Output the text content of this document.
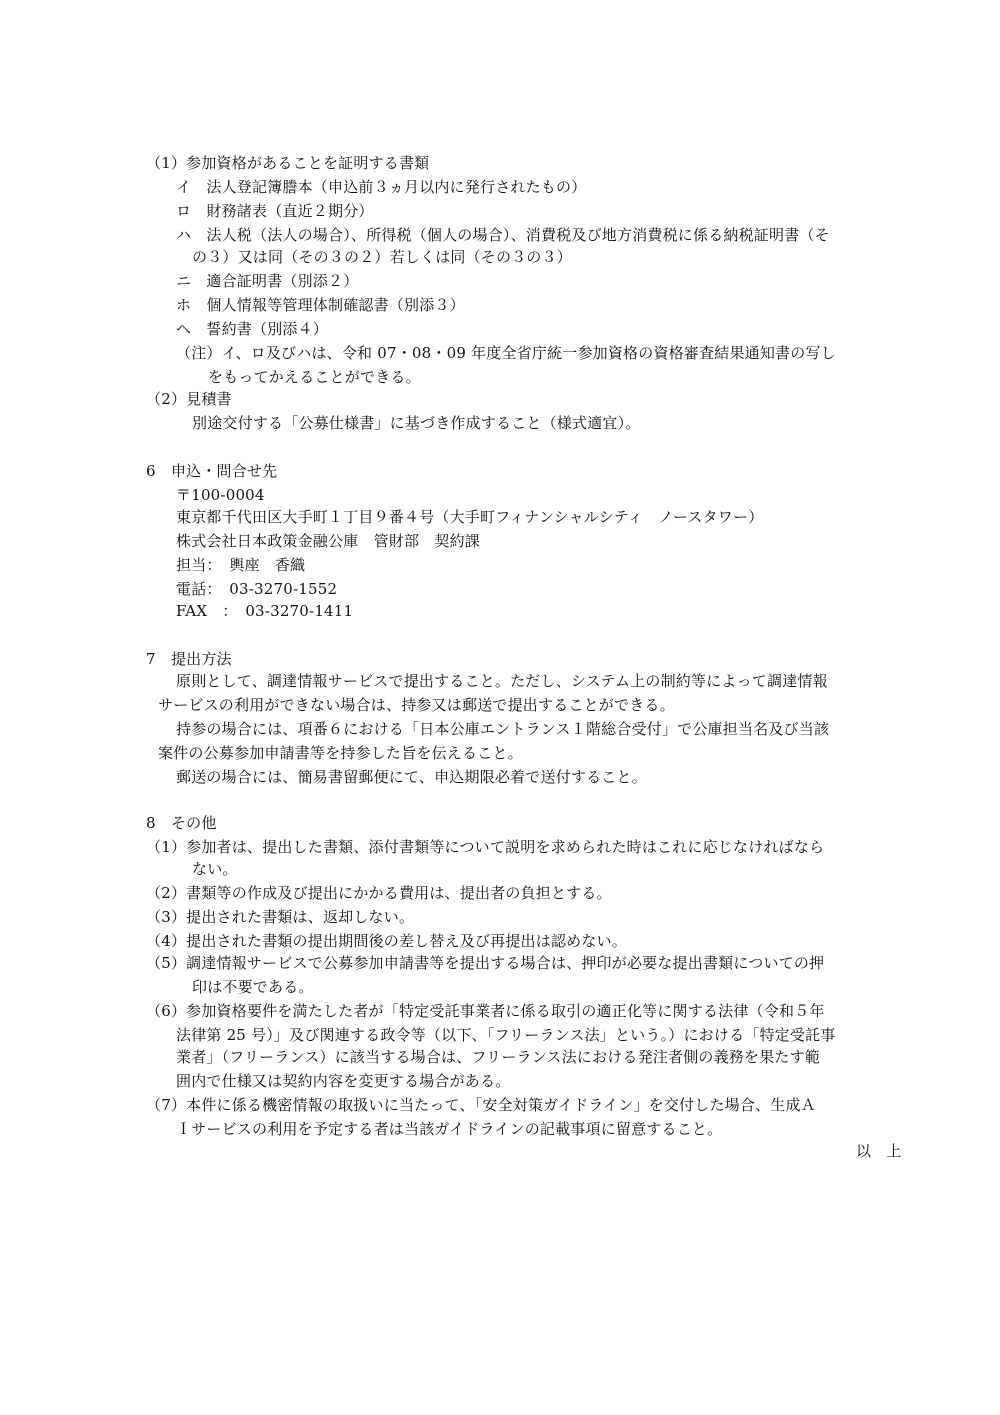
（1）参加資格があることを証明する書類
イ　法人登記簿謄本（申込前３ヵ月以内に発行されたもの）
ロ　財務諸表（直近２期分）
ハ　法人税（法人の場合）、所得税（個人の場合）、消費税及び地方消費税に係る納税証明書（そ
の３）又は同（その３の２）若しくは同（その３の３）
ニ　適合証明書（別添２）
ホ　個人情報等管理体制確認書（別添３）
へ　誓約書（別添４）
（注）イ、ロ及びハは、令和 07・08・09 年度全省庁統一参加資格の資格審査結果通知書の写し
をもってかえることができる。
（2）見積書
別途交付する「公募仕様書」に基づき作成すること（様式適宜）。
6　申込・問合せ先
〒100-0004
東京都千代田区大手町１丁目９番４号（大手町フィナンシャルシティ　ノースタワー）
株式会社日本政策金融公庫　管財部　契約課
担当：　輿座　香織
電話：　03-3270-1552
FAX　：　03-3270-1411
7　提出方法
原則として、調達情報サービスで提出すること。ただし、システム上の制約等によって調達情報
サービスの利用ができない場合は、持参又は郵送で提出することができる。
持参の場合には、項番６における「日本公庫エントランス１階総合受付」で公庫担当名及び当該
案件の公募参加申請書等を持参した旨を伝えること。
郵送の場合には、簡易書留郵便にて、申込期限必着で送付すること。
8　その他
（1）参加者は、提出した書類、添付書類等について説明を求められた時はこれに応じなければなら
ない。
（2）書類等の作成及び提出にかかる費用は、提出者の負担とする。
（3）提出された書類は、返却しない。
（4）提出された書類の提出期間後の差し替え及び再提出は認めない。
（5）調達情報サービスで公募参加申請書等を提出する場合は、押印が必要な提出書類についての押
印は不要である。
（6）参加資格要件を満たした者が「特定受託事業者に係る取引の適正化等に関する法律（令和５年
法律第 25 号）」及び関連する政令等（以下、「フリーランス法」という。）における「特定受託事
業者」（フリーランス）に該当する場合は、フリーランス法における発注者側の義務を果たす範
囲内で仕様又は契約内容を変更する場合がある。
（7）本件に係る機密情報の取扱いに当たって、「安全対策ガイドライン」を交付した場合、生成Ａ
Ｉサービスの利用を予定する者は当該ガイドラインの記載事項に留意すること。
以　上
